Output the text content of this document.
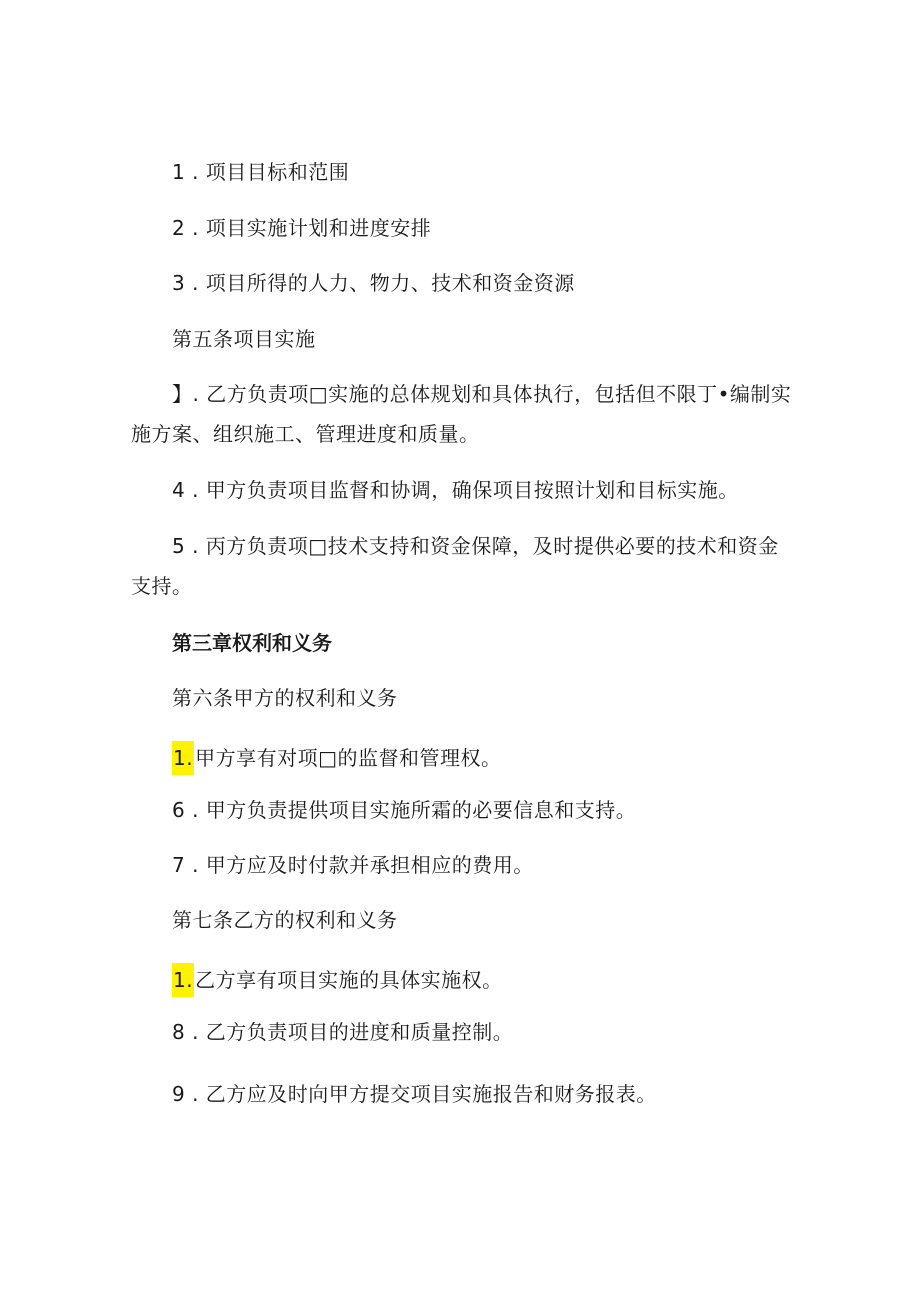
1 . 项目目标和范围
2 . 项目实施计划和进度安排
3 . 项目所得的人力、物力、技术和资金资源
第五条项目实施
】. 乙方负责项□实施的总体规划和具体执行，包括但不限丁•编制实
施方案、组织施工、管理进度和质量。
4 . 甲方负责项目监督和协调，确保项目按照计划和目标实施。
5 . 丙方负责项□技术支持和资金保障，及时提供必要的技术和资金
支持。
第三章权利和义务
第六条甲方的权利和义务
1. 甲方享有对项□的监督和管理权。
6 . 甲方负责提供项目实施所霜的必要信息和支持。
7 . 甲方应及时付款并承担相应的费用。
第七条乙方的权利和义务
1. 乙方享有项目实施的具体实施权。
8 . 乙方负责项目的进度和质量控制。
9 . 乙方应及时向甲方提交项目实施报告和财务报表。
